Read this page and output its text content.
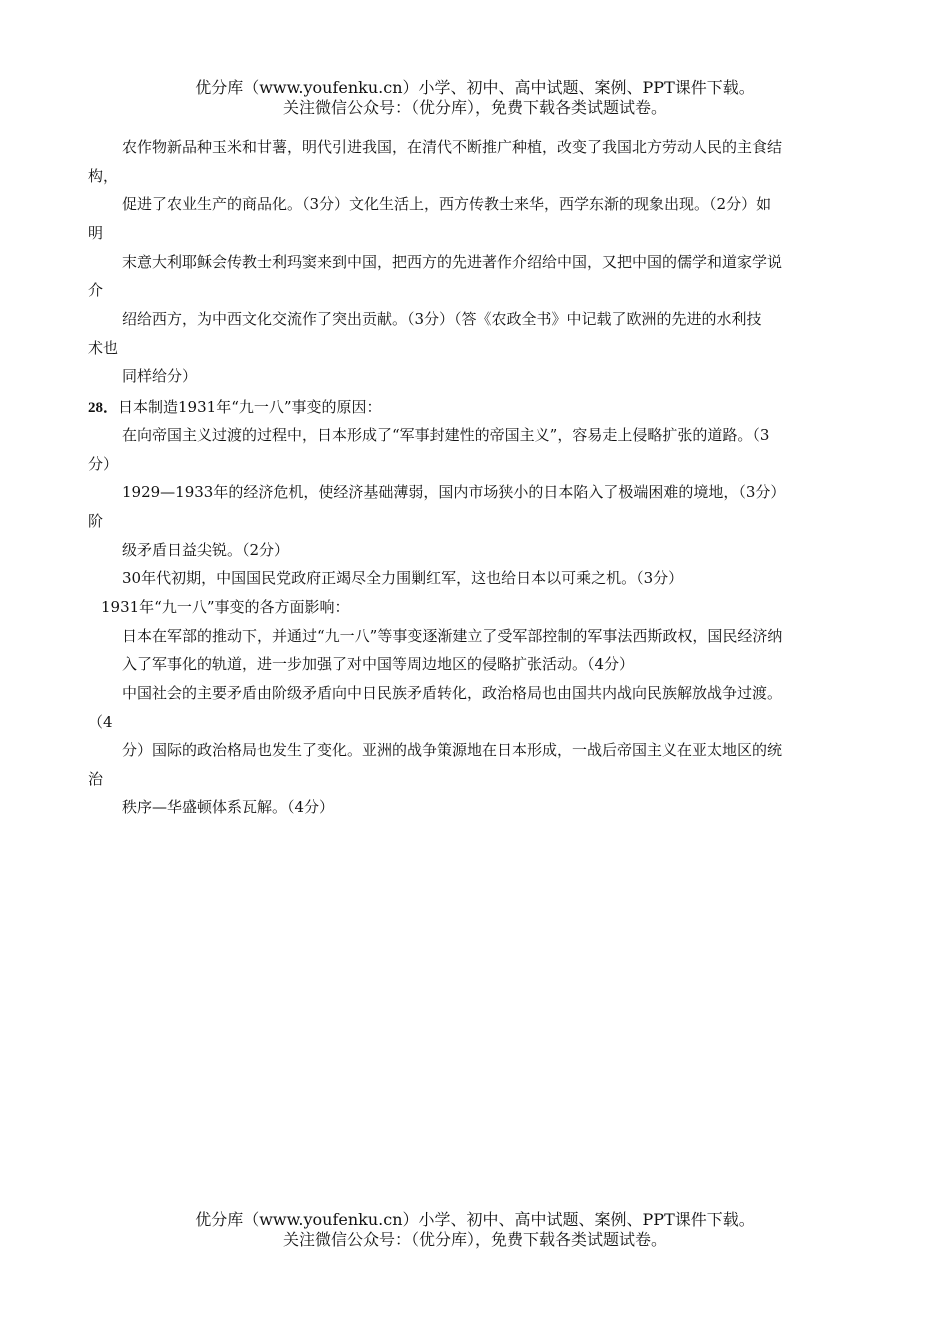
优分库（www.youfenku.cn）小学、初中、高中试题、案例、PPT课件下载。
关注微信公众号：（优分库），免费下载各类试题试卷。
农作物新品种玉米和甘薯，明代引进我国，在清代不断推广种植，改变了我国北方劳动人民的主食结
构，
促进了农业生产的商品化。（3分）文化生活上，西方传教士来华，西学东渐的现象出现。（2分）如
明
末意大利耶稣会传教士利玛窦来到中国，把西方的先进著作介绍给中国，又把中国的儒学和道家学说
介
绍给西方，为中西文化交流作了突出贡献。（3分）（答《农政全书》中记载了欧洲的先进的水利技
术也
同样给分）
28．日本制造1931年“九一八”事变的原因：
在向帝国主义过渡的过程中，日本形成了“军事封建性的帝国主义”，容易走上侵略扩张的道路。（3
分）
1929—1933年的经济危机，使经济基础薄弱，国内市场狭小的日本陷入了极端困难的境地，（3分）
阶
级矛盾日益尖锐。（2分）
30年代初期，中国国民党政府正竭尽全力围剿红军，这也给日本以可乘之机。（3分）
1931年“九一八”事变的各方面影响：
日本在军部的推动下，并通过“九一八”等事变逐渐建立了受军部控制的军事法西斯政权，国民经济纳
入了军事化的轨道，进一步加强了对中国等周边地区的侵略扩张活动。（4分）
中国社会的主要矛盾由阶级矛盾向中日民族矛盾转化，政治格局也由国共内战向民族解放战争过渡。
（4
分）国际的政治格局也发生了变化。亚洲的战争策源地在日本形成，一战后帝国主义在亚太地区的统
治
秩序—华盛顿体系瓦解。（4分）
优分库（www.youfenku.cn）小学、初中、高中试题、案例、PPT课件下载。
关注微信公众号：（优分库），免费下载各类试题试卷。
